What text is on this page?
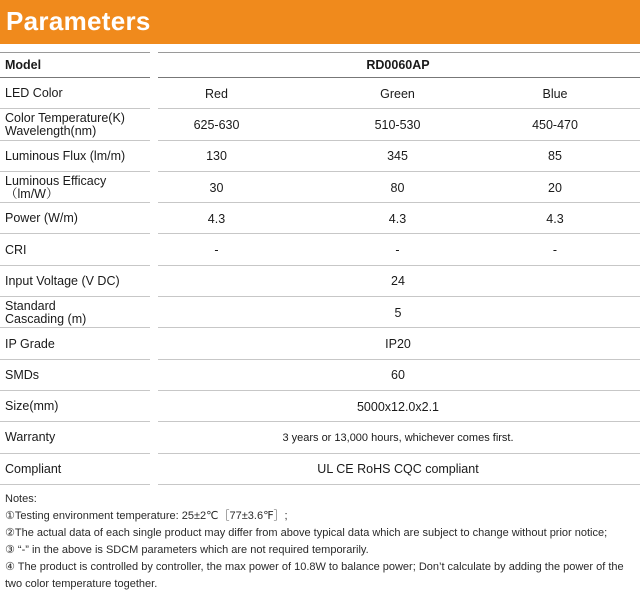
Parameters
Model	RD0060AP
LED Color	Red	Green	Blue
Color Temperature(K)
Wavelength(nm)	625-630	510-530	450-470
Luminous Flux (lm/m)	130	345	85
Luminous Efficacy （lm/W）	30	80	20
Power (W/m)	4.3	4.3	4.3
CRI	-	-	-
Input Voltage (V DC)	24
Standard
Cascading (m)	5
IP Grade	IP20
SMDs	60
Size(mm)	5000x12.0x2.1
Warranty	3 years or 13,000 hours, whichever comes first.
Compliant	UL CE RoHS CQC compliant
Notes:
①Testing environment temperature: 25±2℃［77±3.6℉］;
②The actual data of each single product may differ from above typical data which are subject to change without prior notice;
③ “-” in the above is SDCM parameters which are not required temporarily.
④ The product is controlled by controller, the max power of 10.8W to balance power; Don’t calculate by adding the power of the two color temperature together.
